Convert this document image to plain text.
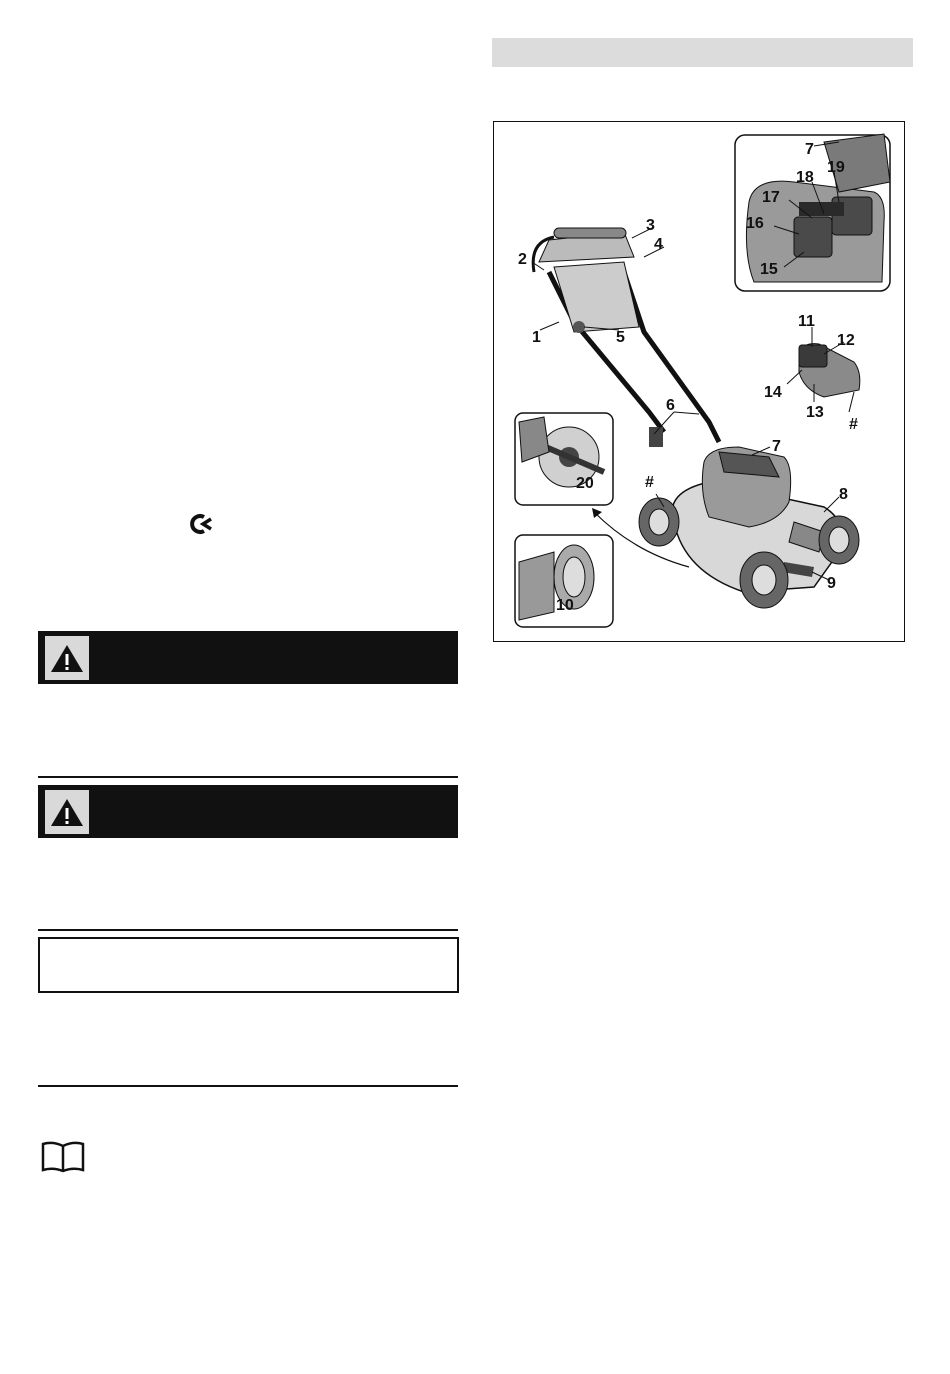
1
2
3
4
5
6
7
7
8
9
10
11
12
13
14
15
16
17
18
19
20	#
#
